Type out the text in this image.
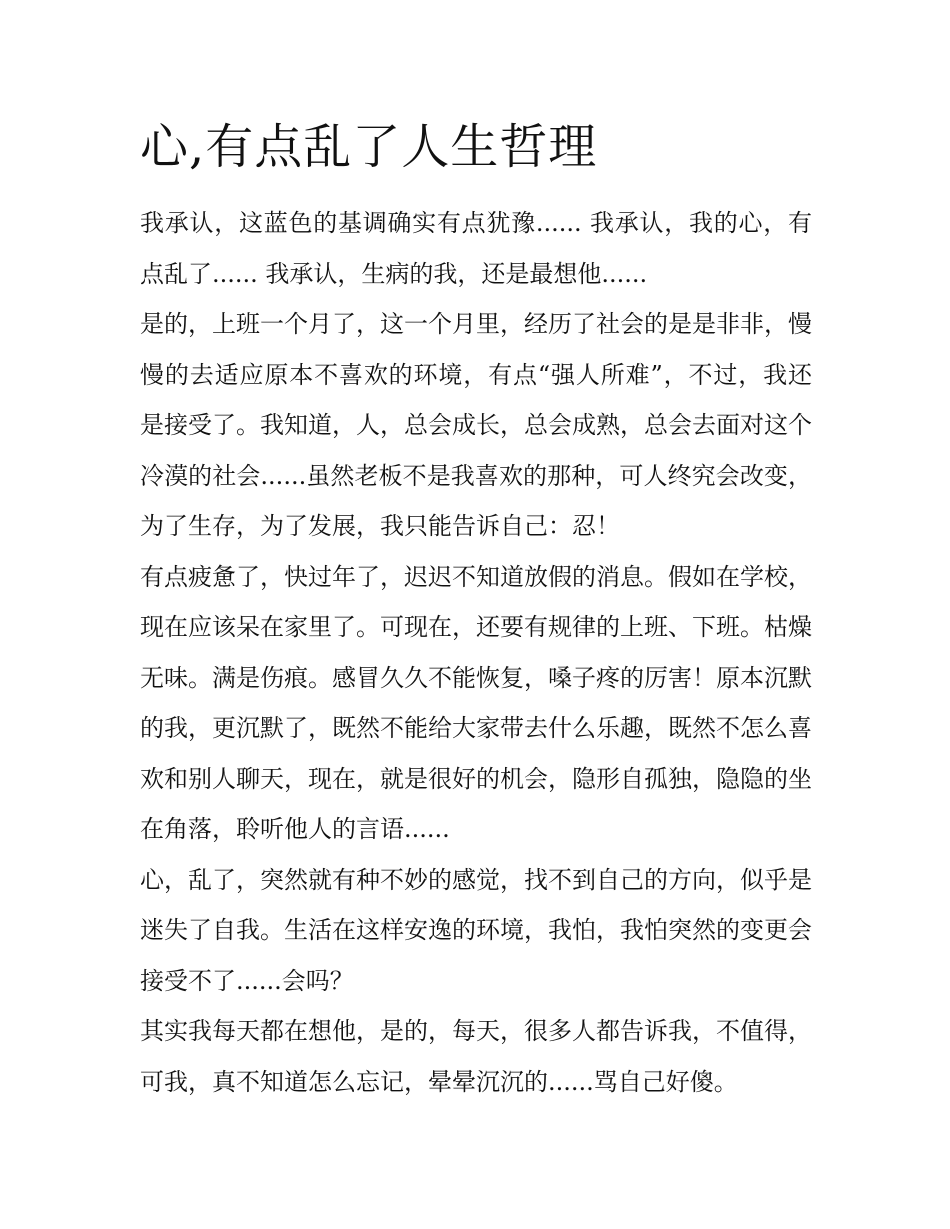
心,有点乱了人生哲理

我承认，这蓝色的基调确实有点犹豫...... 我承认，我的心，有点乱了...... 我承认，生病的我，还是最想他......

是的，上班一个月了，这一个月里，经历了社会的是是非非，慢慢的去适应原本不喜欢的环境，有点“强人所难”，不过，我还是接受了。我知道，人，总会成长，总会成熟，总会去面对这个冷漠的社会......虽然老板不是我喜欢的那种，可人终究会改变，为了生存，为了发展，我只能告诉自己：忍！

有点疲惫了，快过年了，迟迟不知道放假的消息。假如在学校，现在应该呆在家里了。可现在，还要有规律的上班、下班。枯燥无味。满是伤痕。感冒久久不能恢复，嗓子疼的厉害！原本沉默的我，更沉默了，既然不能给大家带去什么乐趣，既然不怎么喜欢和别人聊天，现在，就是很好的机会，隐形自孤独，隐隐的坐在角落，聆听他人的言语......

心，乱了，突然就有种不妙的感觉，找不到自己的方向，似乎是迷失了自我。生活在这样安逸的环境，我怕，我怕突然的变更会接受不了......会吗？

其实我每天都在想他，是的，每天，很多人都告诉我，不值得，可我，真不知道怎么忘记，晕晕沉沉的......骂自己好傻。
